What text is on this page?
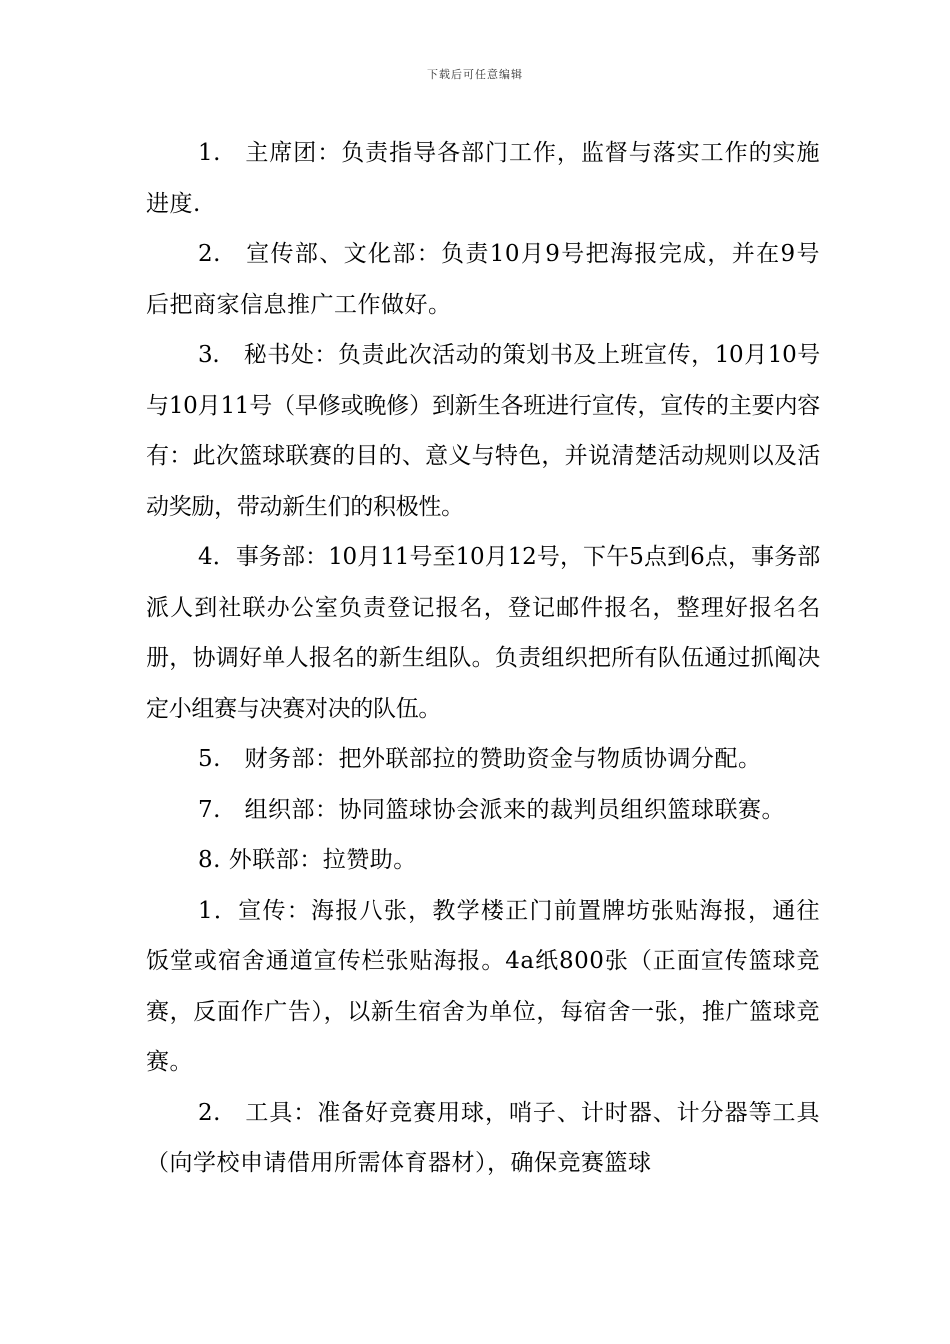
下载后可任意编辑

1.　主席团：负责指导各部门工作，监督与落实工作的实施进度.

2.　宣传部、文化部：负责10月9号把海报完成，并在9号后把商家信息推广工作做好。

3.　秘书处：负责此次活动的策划书及上班宣传，10月10号与10月11号（早修或晚修）到新生各班进行宣传，宣传的主要内容有：此次篮球联赛的目的、意义与特色，并说清楚活动规则以及活动奖励，带动新生们的积极性。

4．事务部：10月11号至10月12号，下午5点到6点，事务部派人到社联办公室负责登记报名，登记邮件报名，整理好报名名册，协调好单人报名的新生组队。负责组织把所有队伍通过抓阄决定小组赛与决赛对决的队伍。

5.　财务部：把外联部拉的赞助资金与物质协调分配。

7.　组织部：协同篮球协会派来的裁判员组织篮球联赛。

8. 外联部：拉赞助。

1．宣传：海报八张，教学楼正门前置牌坊张贴海报，通往饭堂或宿舍通道宣传栏张贴海报。4a纸800张（正面宣传篮球竞赛，反面作广告），以新生宿舍为单位，每宿舍一张，推广篮球竞赛。

2.　工具：准备好竞赛用球，哨子、计时器、计分器等工具（向学校申请借用所需体育器材），确保竞赛篮球
